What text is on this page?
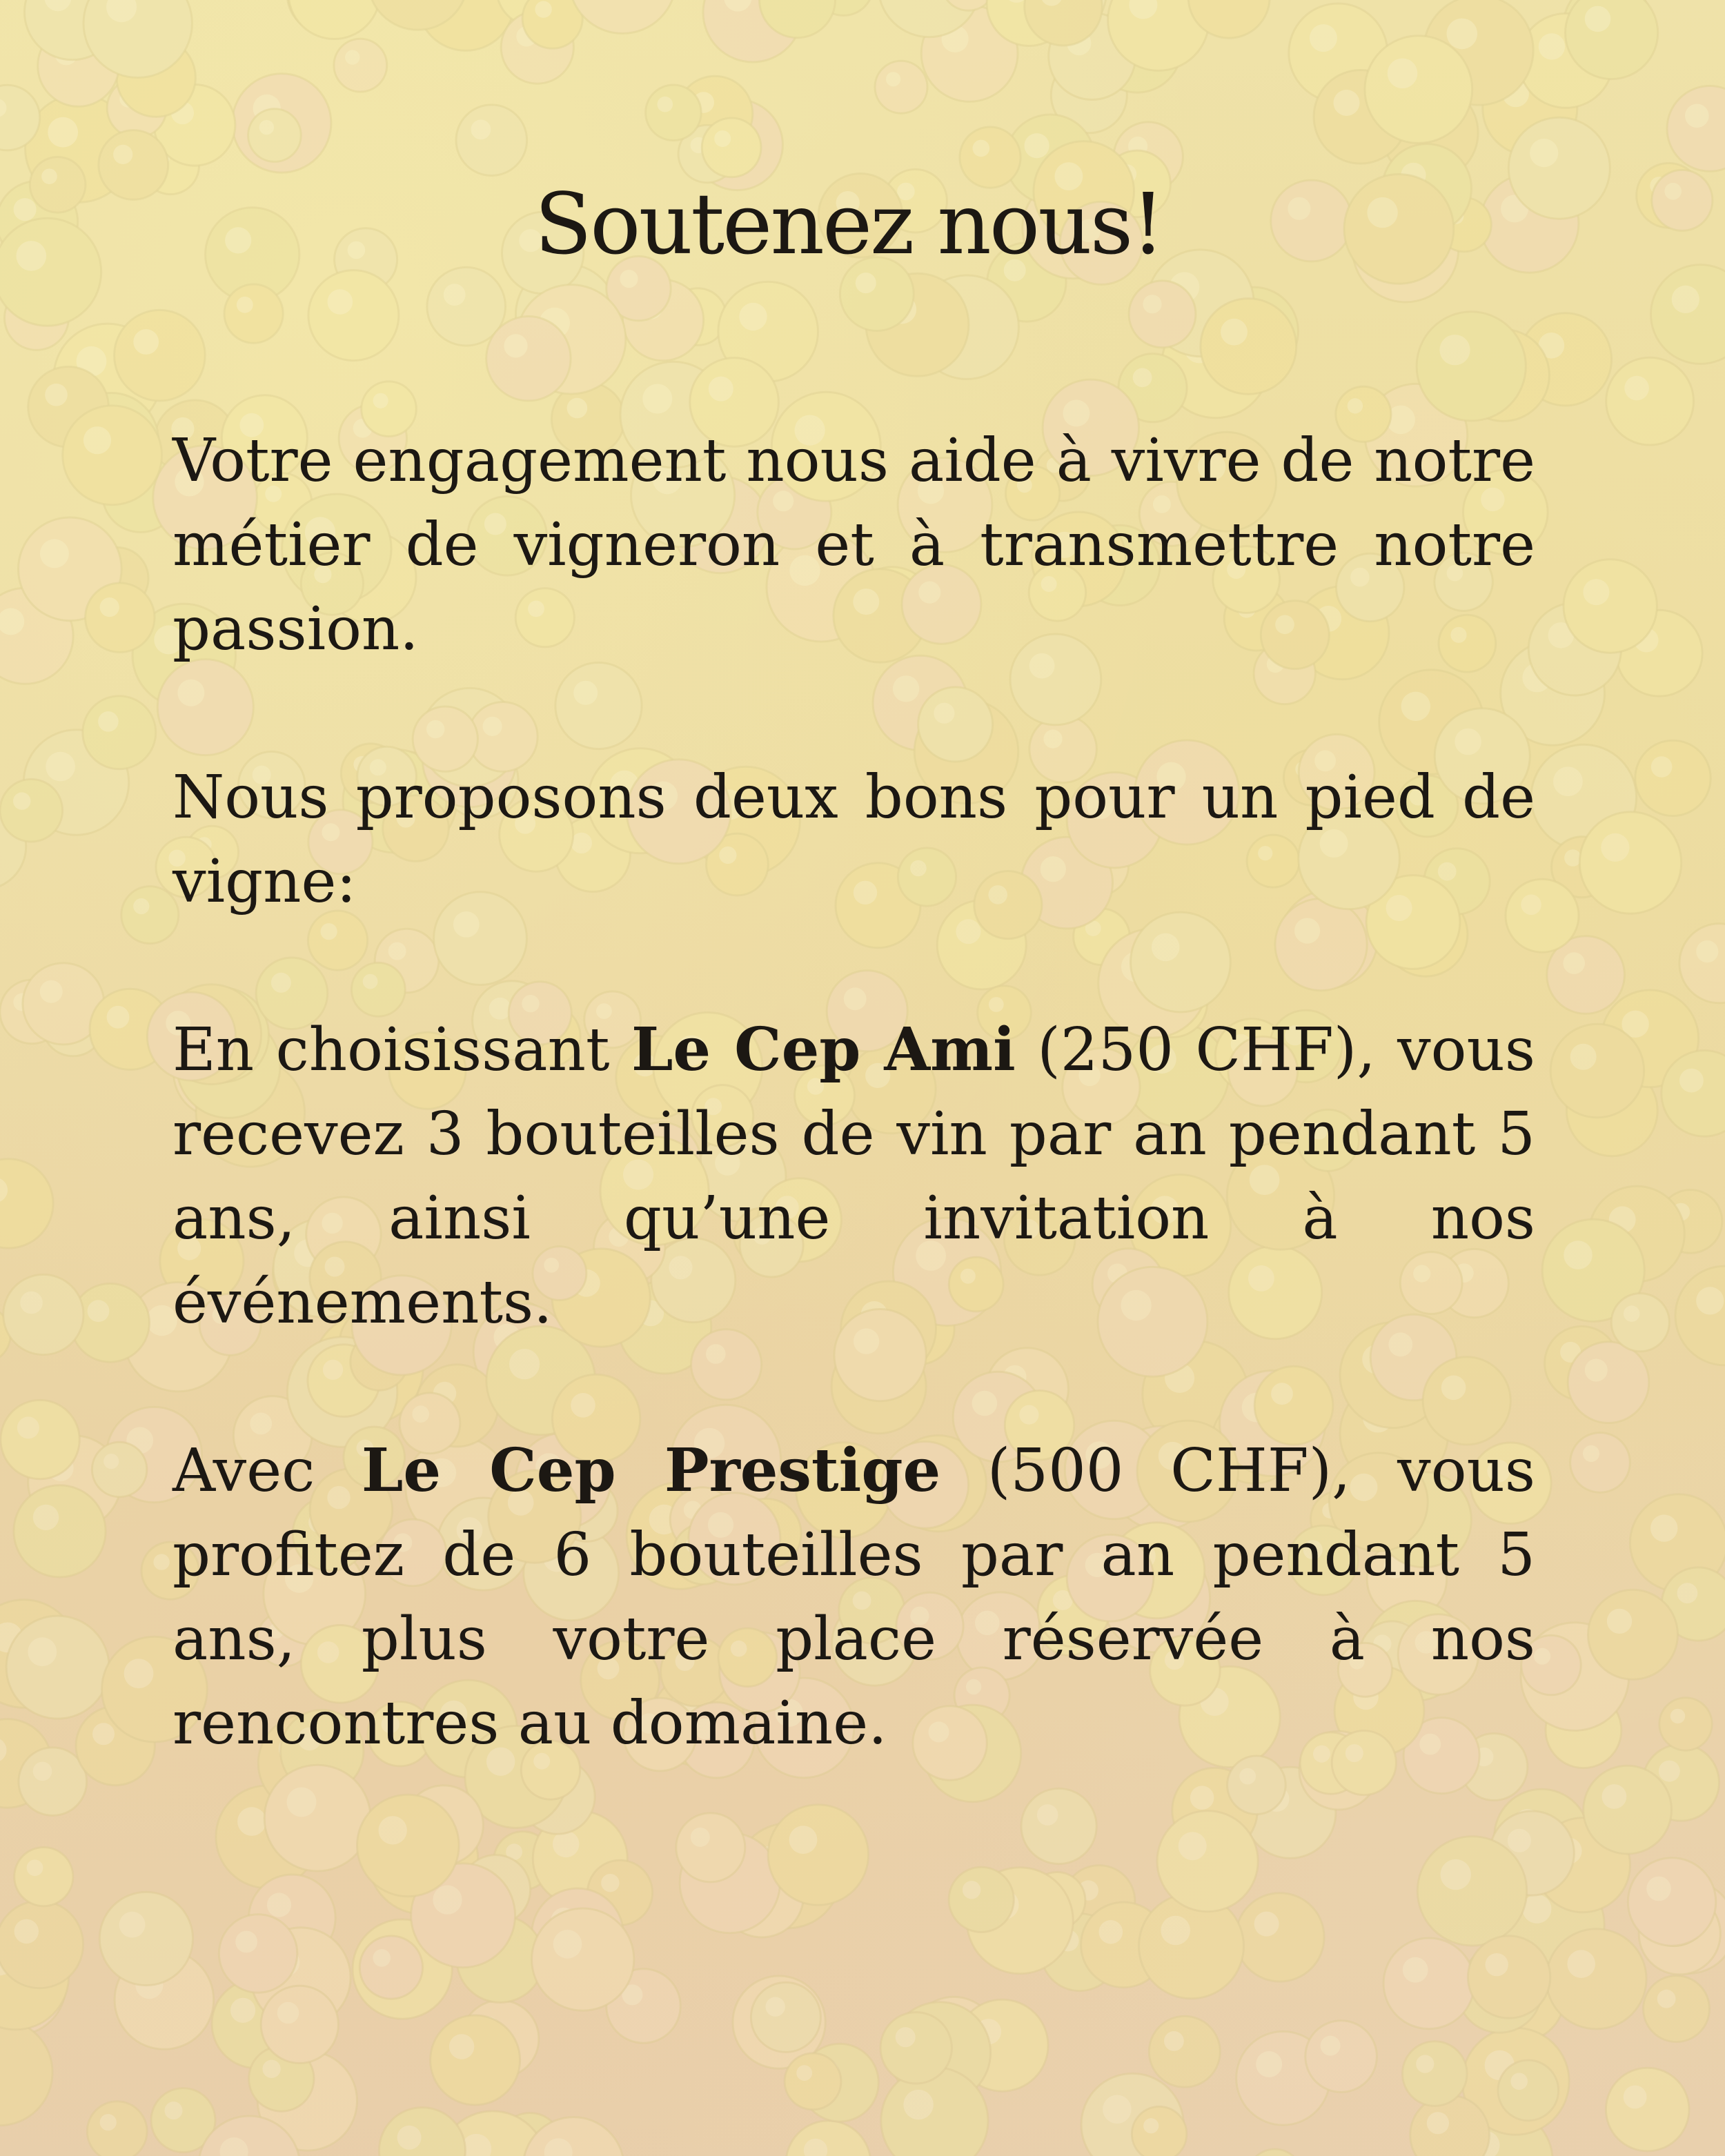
Soutenez nous!

Votre engagement nous aide à vivre de notre métier de vigneron et à transmettre notre passion.

Nous proposons deux bons pour un pied de vigne:

En choisissant Le Cep Ami (250 CHF), vous recevez 3 bouteilles de vin par an pendant 5 ans, ainsi qu’une invitation à nos événements.

Avec Le Cep Prestige (500 CHF), vous profitez de 6 bouteilles par an pendant 5 ans, plus votre place réservée à nos rencontres au domaine.
